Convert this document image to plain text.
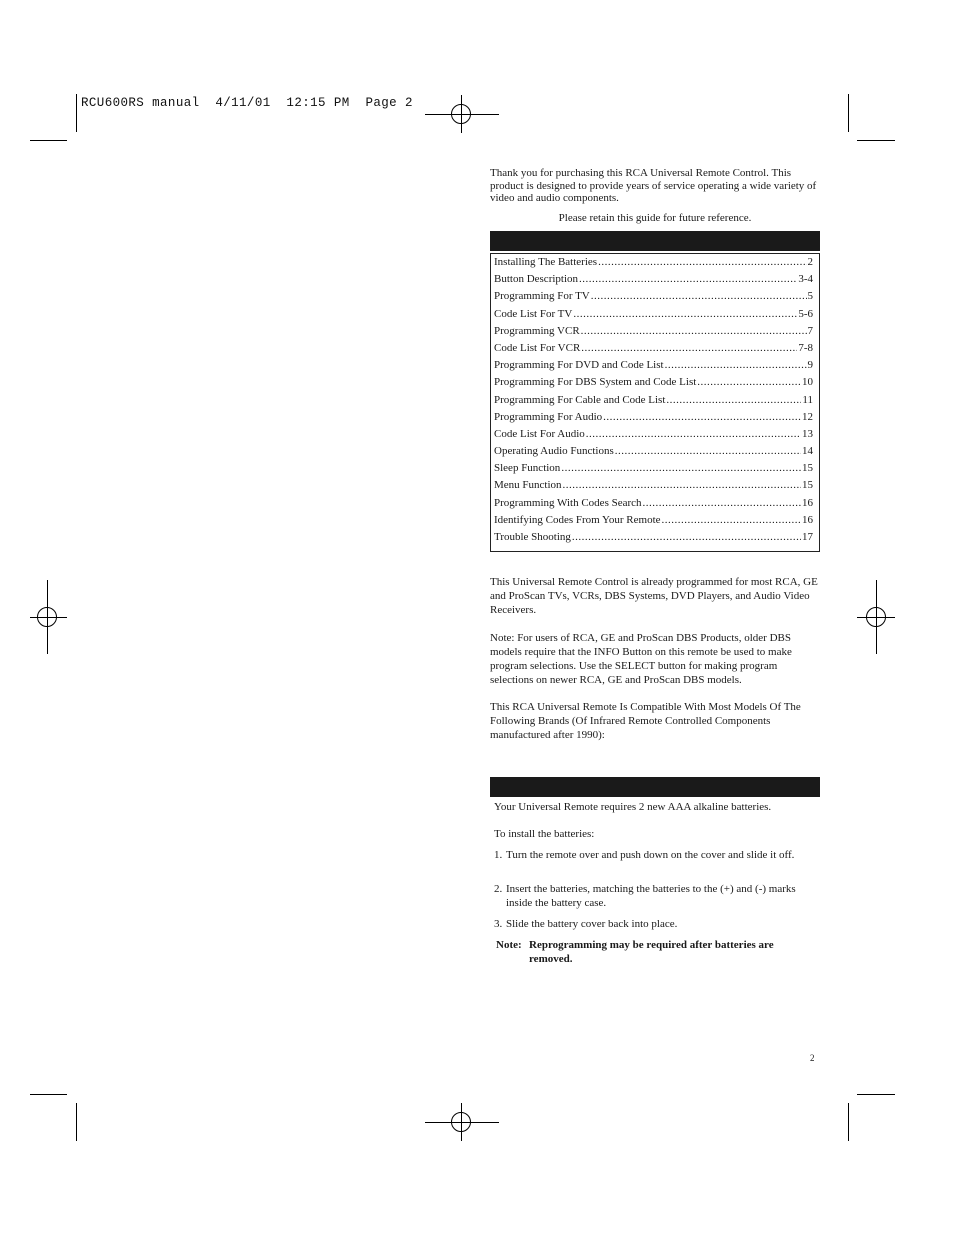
RCU600RS manual  4/11/01  12:15 PM  Page 2
Thank you for purchasing this RCA Universal Remote Control. This product is designed to provide years of service operating a wide variety of video and audio components.
Please retain this guide for future reference.
Installing The Batteries .....	2
Button Description .....	3-4
Programming For TV .....	5
Code List For TV .....	5-6
Programming VCR .....	7
Code List For VCR .....	7-8
Programming For DVD and Code List .....	9
Programming For DBS System and Code List .....	10
Programming For Cable and Code List .....	11
Programming For Audio .....	12
Code List For Audio .....	13
Operating Audio Functions .....	14
Sleep Function .....	15
Menu Function .....	15
Programming With Codes Search .....	16
Identifying Codes From Your Remote .....	16
Trouble Shooting .....	17
This Universal Remote Control is already programmed for most RCA, GE and ProScan TVs, VCRs, DBS Systems, DVD Players, and Audio Video Receivers.
Note: For users of RCA, GE and ProScan DBS Products, older DBS models require that the INFO Button on this remote be used to make program selections. Use the SELECT button for making program selections on newer RCA, GE and ProScan DBS models.
This RCA Universal Remote Is Compatible With Most Models Of The Following Brands (Of Infrared Remote Controlled Components manufactured after 1990):
Your Universal Remote requires 2 new AAA alkaline batteries.
To install the batteries:
1. Turn the remote over and push down on the cover and slide it off.
2. Insert the batteries, matching the batteries to the (+) and (-) marks inside the battery case.
3. Slide the battery cover back into place.
Note: Reprogramming may be required after batteries are removed.
2
